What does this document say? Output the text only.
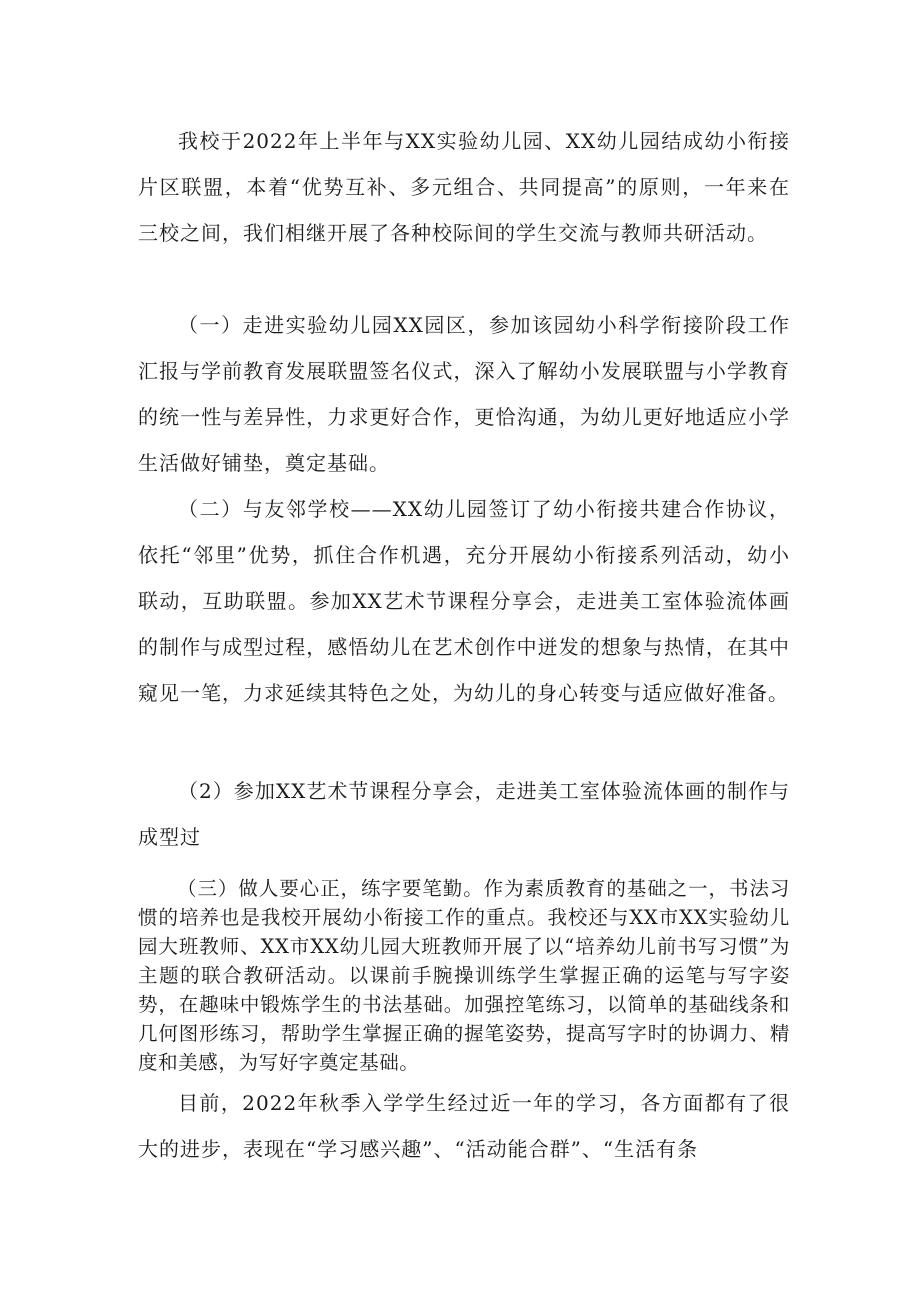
我校于2022年上半年与XX实验幼儿园、XX幼儿园结成幼小衔接片区联盟，本着“优势互补、多元组合、共同提高”的原则，一年来在三校之间，我们相继开展了各种校际间的学生交流与教师共研活动。

（一）走进实验幼儿园XX园区，参加该园幼小科学衔接阶段工作汇报与学前教育发展联盟签名仪式，深入了解幼小发展联盟与小学教育的统一性与差异性，力求更好合作，更恰沟通，为幼儿更好地适应小学生活做好铺垫，奠定基础。

（二）与友邻学校——XX幼儿园签订了幼小衔接共建合作协议，依托“邻里”优势，抓住合作机遇，充分开展幼小衔接系列活动，幼小联动，互助联盟。参加XX艺术节课程分享会，走进美工室体验流体画的制作与成型过程，感悟幼儿在艺术创作中迸发的想象与热情，在其中窥见一笔，力求延续其特色之处，为幼儿的身心转变与适应做好准备。

（2）参加XX艺术节课程分享会，走进美工室体验流体画的制作与成型过

（三）做人要心正，练字要笔勤。作为素质教育的基础之一，书法习惯的培养也是我校开展幼小衔接工作的重点。我校还与XX市XX实验幼儿园大班教师、XX市XX幼儿园大班教师开展了以“培养幼儿前书写习惯”为主题的联合教研活动。以课前手腕操训练学生掌握正确的运笔与写字姿势，在趣味中锻炼学生的书法基础。加强控笔练习，以简单的基础线条和几何图形练习，帮助学生掌握正确的握笔姿势，提高写字时的协调力、精度和美感，为写好字奠定基础。

目前，2022年秋季入学学生经过近一年的学习，各方面都有了很大的进步，表现在“学习感兴趣”、“活动能合群”、“生活有条
